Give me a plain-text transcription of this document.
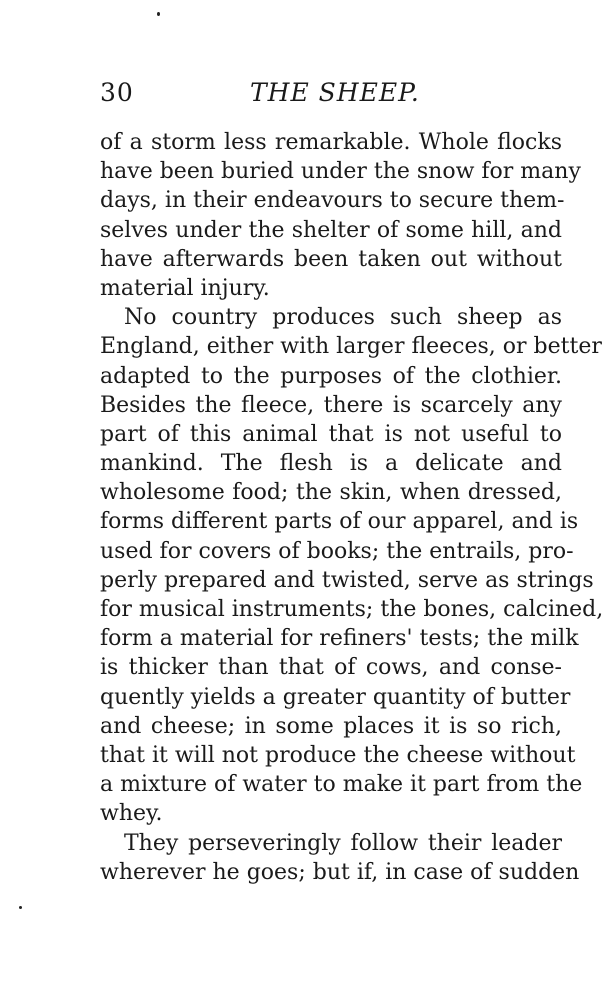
30	THE SHEEP.
of a storm less remarkable. Whole flocks
have been buried under the snow for many
days, in their endeavours to secure them-
selves under the shelter of some hill, and
have afterwards been taken out without
material injury.
No country produces such sheep as
England, either with larger fleeces, or better
adapted to the purposes of the clothier.
Besides the fleece, there is scarcely any
part of this animal that is not useful to
mankind. The flesh is a delicate and
wholesome food; the skin, when dressed,
forms different parts of our apparel, and is
used for covers of books; the entrails, pro-
perly prepared and twisted, serve as strings
for musical instruments; the bones, calcined,
form a material for refiners' tests; the milk
is thicker than that of cows, and conse-
quently yields a greater quantity of butter
and cheese; in some places it is so rich,
that it will not produce the cheese without
a mixture of water to make it part from the
whey.
They perseveringly follow their leader
wherever he goes; but if, in case of sudden
